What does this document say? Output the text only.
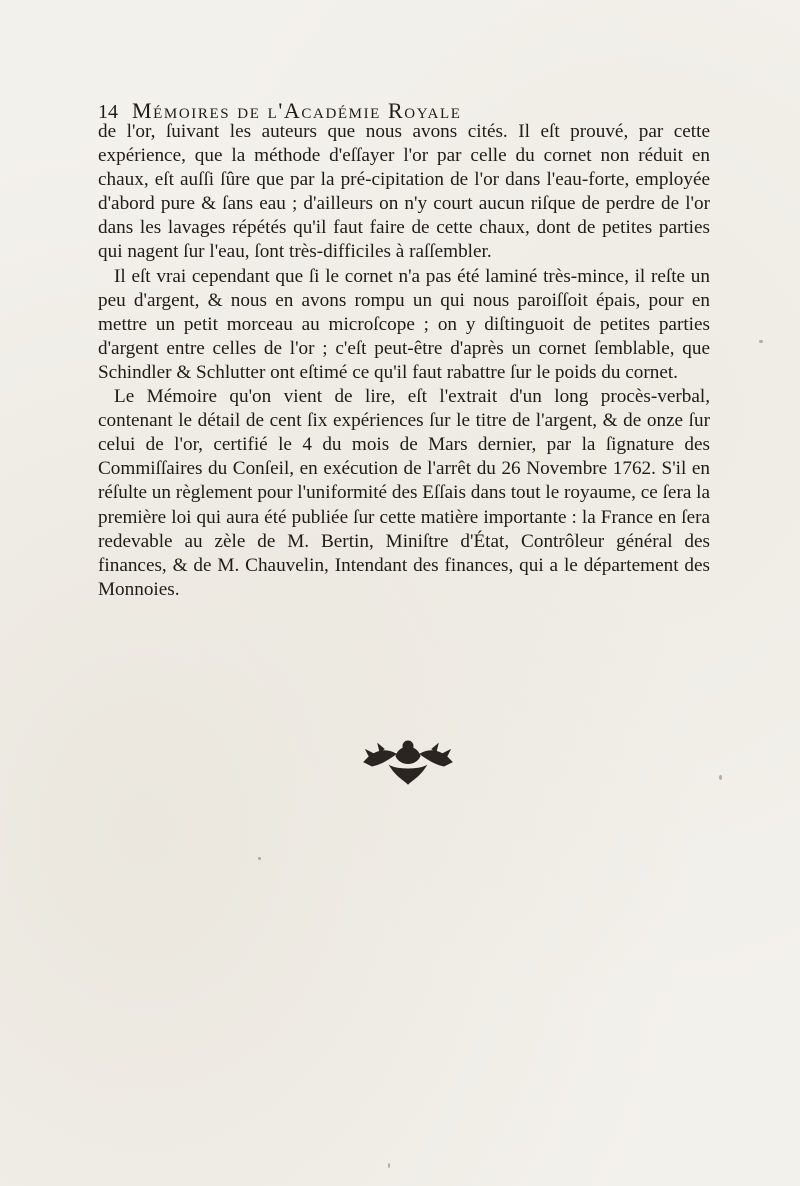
14 Mémoires de l'Académie Royale

de l'or, ſuivant les auteurs que nous avons cités. Il eſt prouvé, par cette expérience, que la méthode d'eſſayer l'or par celle du cornet non réduit en chaux, eſt auſſi ſûre que par la pré-cipitation de l'or dans l'eau-forte, employée d'abord pure & ſans eau ; d'ailleurs on n'y court aucun riſque de perdre de l'or dans les lavages répétés qu'il faut faire de cette chaux, dont de petites parties qui nagent ſur l'eau, ſont très-difficiles à raſſembler.

Il eſt vrai cependant que ſi le cornet n'a pas été laminé très-mince, il reſte un peu d'argent, & nous en avons rompu un qui nous paroiſſoit épais, pour en mettre un petit morceau au microſcope ; on y diſtinguoit de petites parties d'argent entre celles de l'or ; c'eſt peut-être d'après un cornet ſemblable, que Schindler & Schlutter ont eſtimé ce qu'il faut rabattre ſur le poids du cornet.

Le Mémoire qu'on vient de lire, eſt l'extrait d'un long procès-verbal, contenant le détail de cent ſix expériences ſur le titre de l'argent, & de onze ſur celui de l'or, certifié le 4 du mois de Mars dernier, par la ſignature des Commiſſaires du Conſeil, en exécution de l'arrêt du 26 Novembre 1762. S'il en réſulte un règlement pour l'uniformité des Eſſais dans tout le royaume, ce ſera la première loi qui aura été publiée ſur cette matière importante : la France en ſera redevable au zèle de M. Bertin, Miniſtre d'État, Contrôleur général des finances, & de M. Chauvelin, Intendant des finances, qui a le département des Monnoies.
